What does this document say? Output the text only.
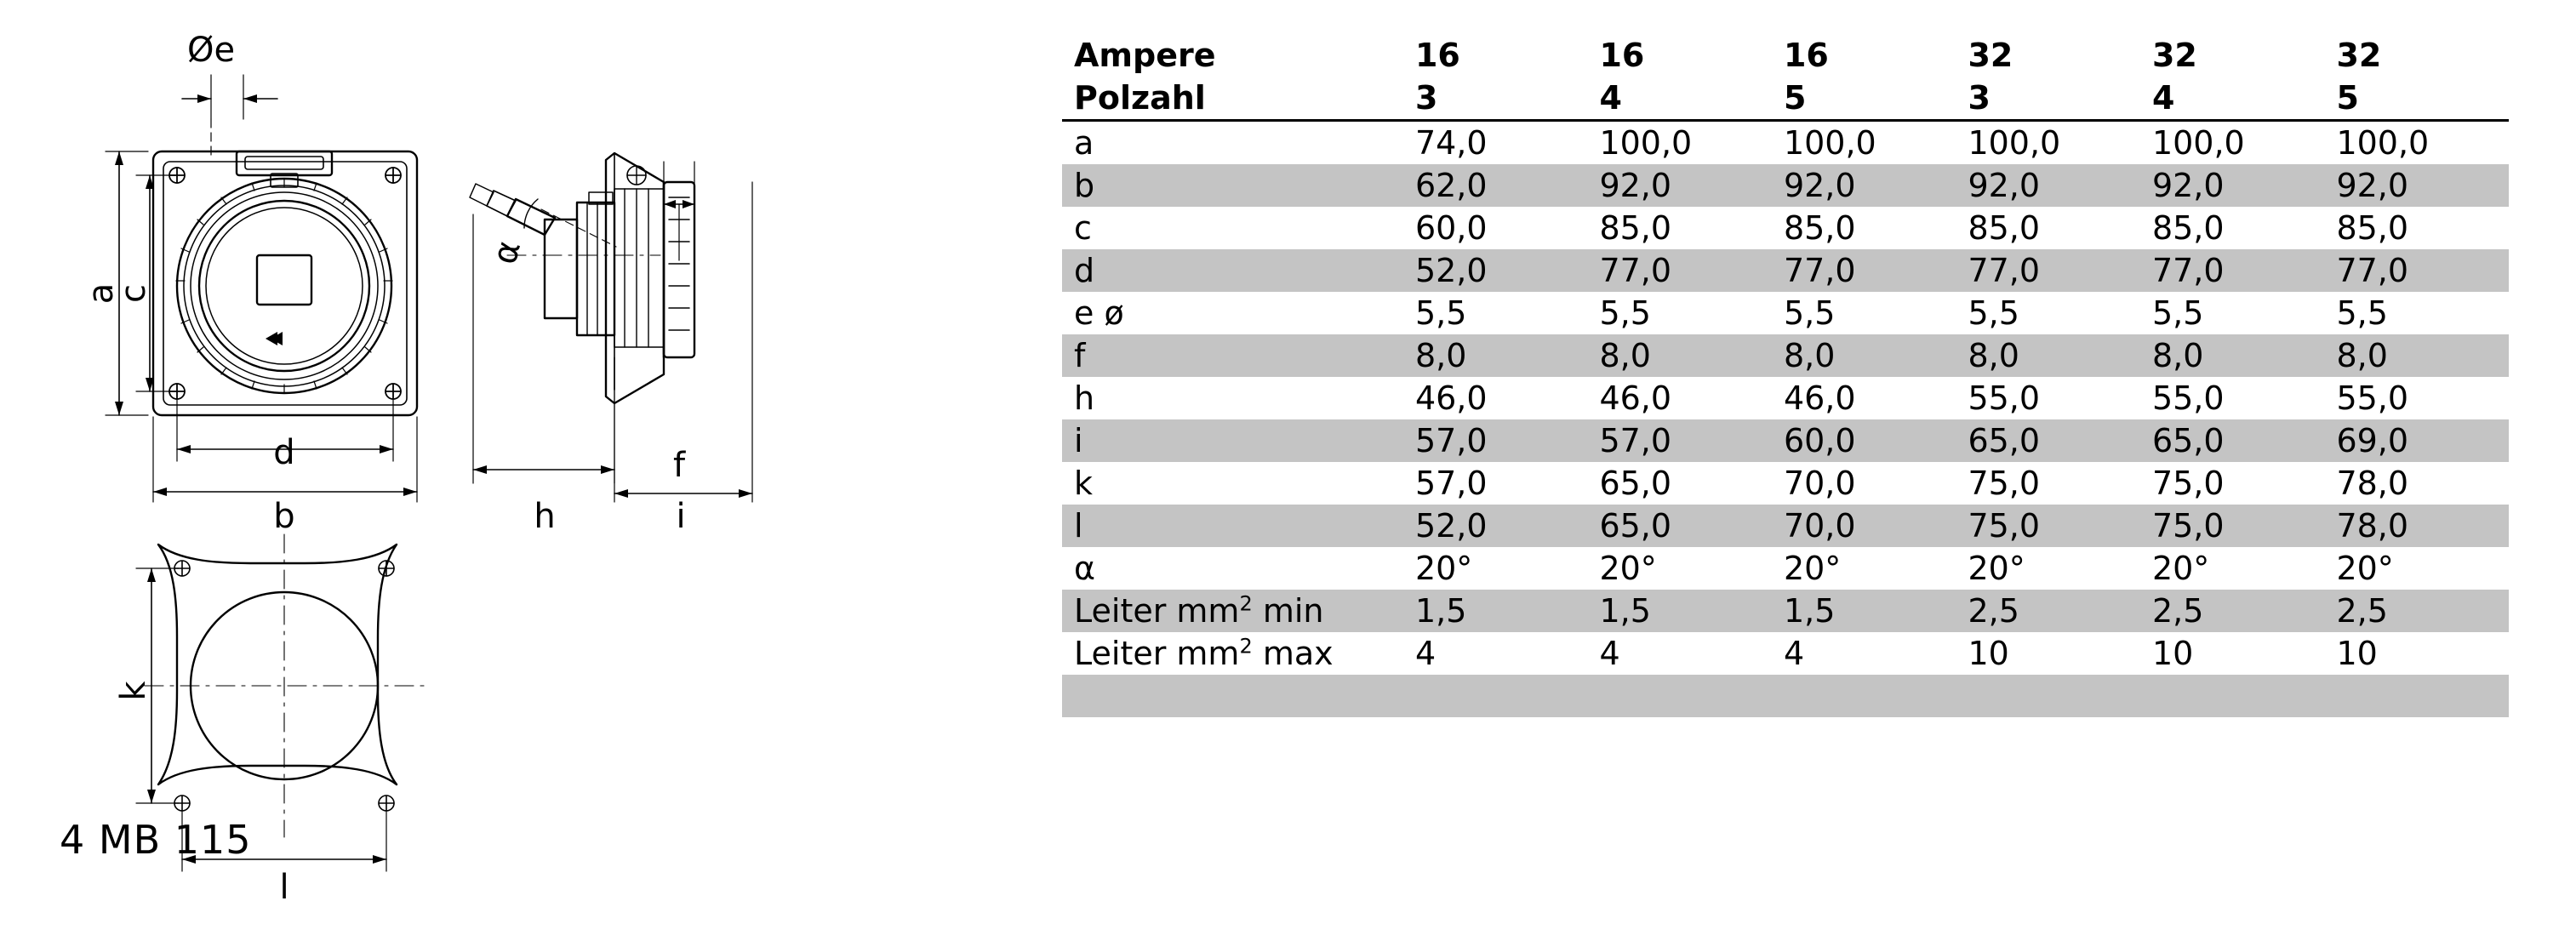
Øe
d
b
f
h	i
l
a
c
k
α
4 MB 115
Ampere	16	16	16	32	32	32
Polzahl	3	4	5	3	4	5

a	74,0	100,0	100,0	100,0	100,0	100,0
b	62,0	92,0	92,0	92,0	92,0	92,0
c	60,0	85,0	85,0	85,0	85,0	85,0
d	52,0	77,0	77,0	77,0	77,0	77,0
e ø	5,5	5,5	5,5	5,5	5,5	5,5
f	8,0	8,0	8,0	8,0	8,0	8,0
h	46,0	46,0	46,0	55,0	55,0	55,0
i	57,0	57,0	60,0	65,0	65,0	69,0
k	57,0	65,0	70,0	75,0	75,0	78,0
l	52,0	65,0	70,0	75,0	75,0	78,0
α	20°	20°	20°	20°	20°	20°
Leiter $mm^2$ min	1,5	1,5	1,5	2,5	2,5	2,5
Leiter $mm^2$ max	4	4	4	10	10	10
